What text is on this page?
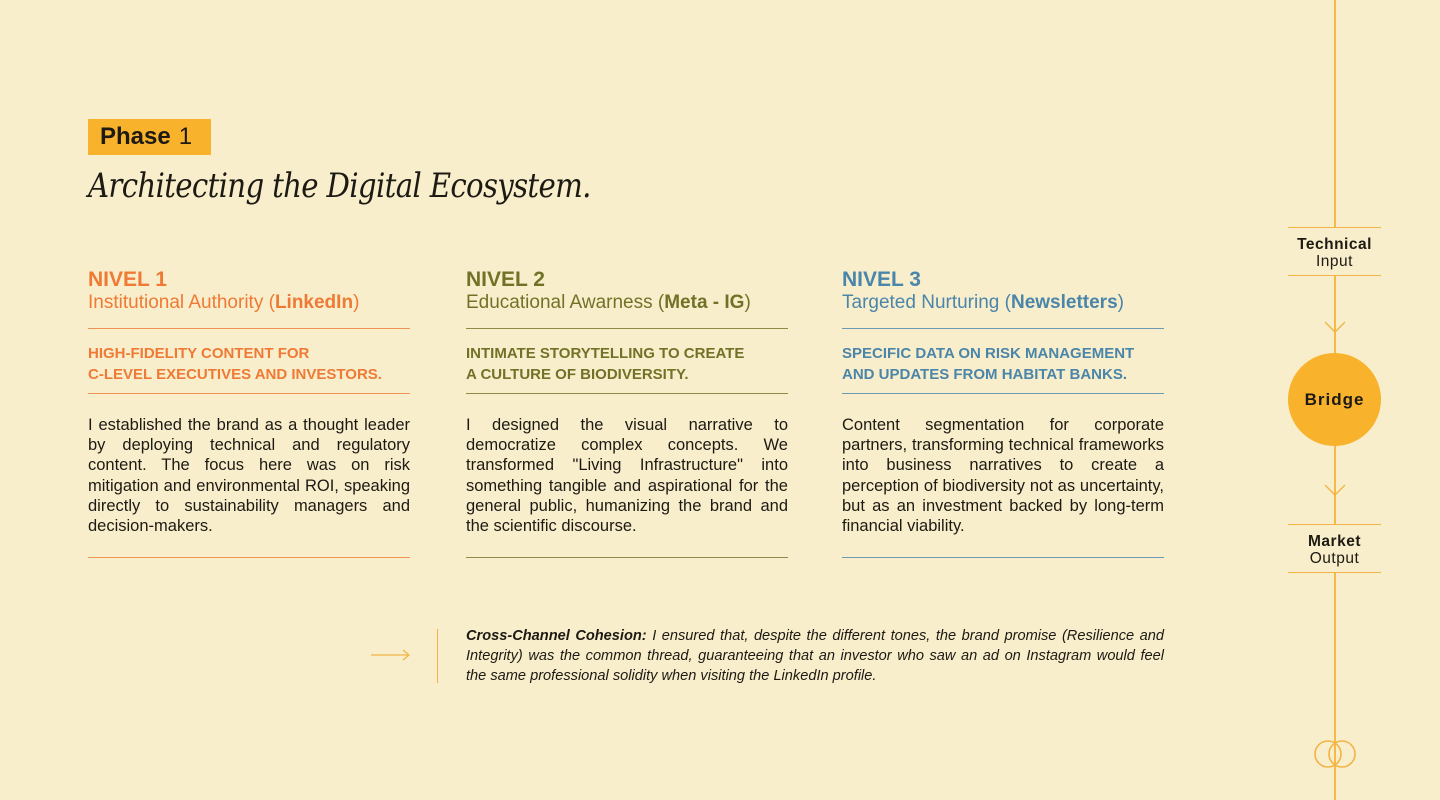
Phase 1
Architecting the Digital Ecosystem.
NIVEL 1
Institutional Authority (LinkedIn)
HIGH-FIDELITY CONTENT FOR
C-LEVEL EXECUTIVES AND INVESTORS.
I established the brand as a thought leader by deploying technical and regulatory content. The focus here was on risk mitigation and environmental ROI, speaking directly to sustainability managers and decision-makers.
NIVEL 2
Educational Awarness (Meta - IG)
INTIMATE STORYTELLING TO CREATE
A CULTURE OF BIODIVERSITY.
I designed the visual narrative to democratize complex concepts. We transformed "Living Infrastructure" into something tangible and aspirational for the general public, humanizing the brand and the scientific discourse.
NIVEL 3
Targeted Nurturing (Newsletters)
SPECIFIC DATA ON RISK MANAGEMENT
AND UPDATES FROM HABITAT BANKS.
Content segmentation for corporate partners, transforming technical frameworks into business narratives to create a perception of biodiversity not as uncertainty, but as an investment backed by long-term financial viability.
Cross-Channel Cohesion: I ensured that, despite the different tones, the brand promise (Resilience and Integrity) was the common thread, guaranteeing that an investor who saw an ad on Instagram would feel the same professional solidity when visiting the LinkedIn profile.
Technical
Input
Bridge
Market
Output
